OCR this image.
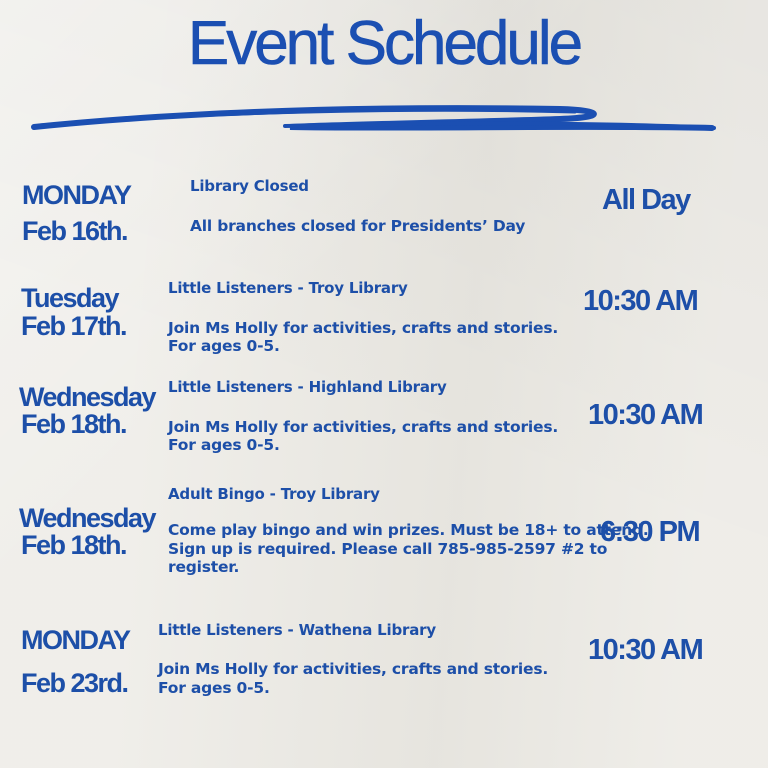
Event Schedule
MONDAY
Feb 16th.
Library Closed
All branches closed for Presidents’ Day
All Day
Tuesday
Feb 17th.
Little Listeners - Troy Library
Join Ms Holly for activities, crafts and stories.
For ages 0-5.
10:30 AM
Wednesday
Feb 18th.
Little Listeners - Highland Library
Join Ms Holly for activities, crafts and stories.
For ages 0-5.
10:30 AM
Wednesday
Feb 18th.
Adult Bingo - Troy Library
Come play bingo and win prizes. Must be 18+ to attend.
Sign up is required. Please call 785-985-2597 #2 to
register.
6:30 PM
MONDAY
Feb 23rd.
Little Listeners - Wathena Library
Join Ms Holly for activities, crafts and stories.
For ages 0-5.
10:30 AM
